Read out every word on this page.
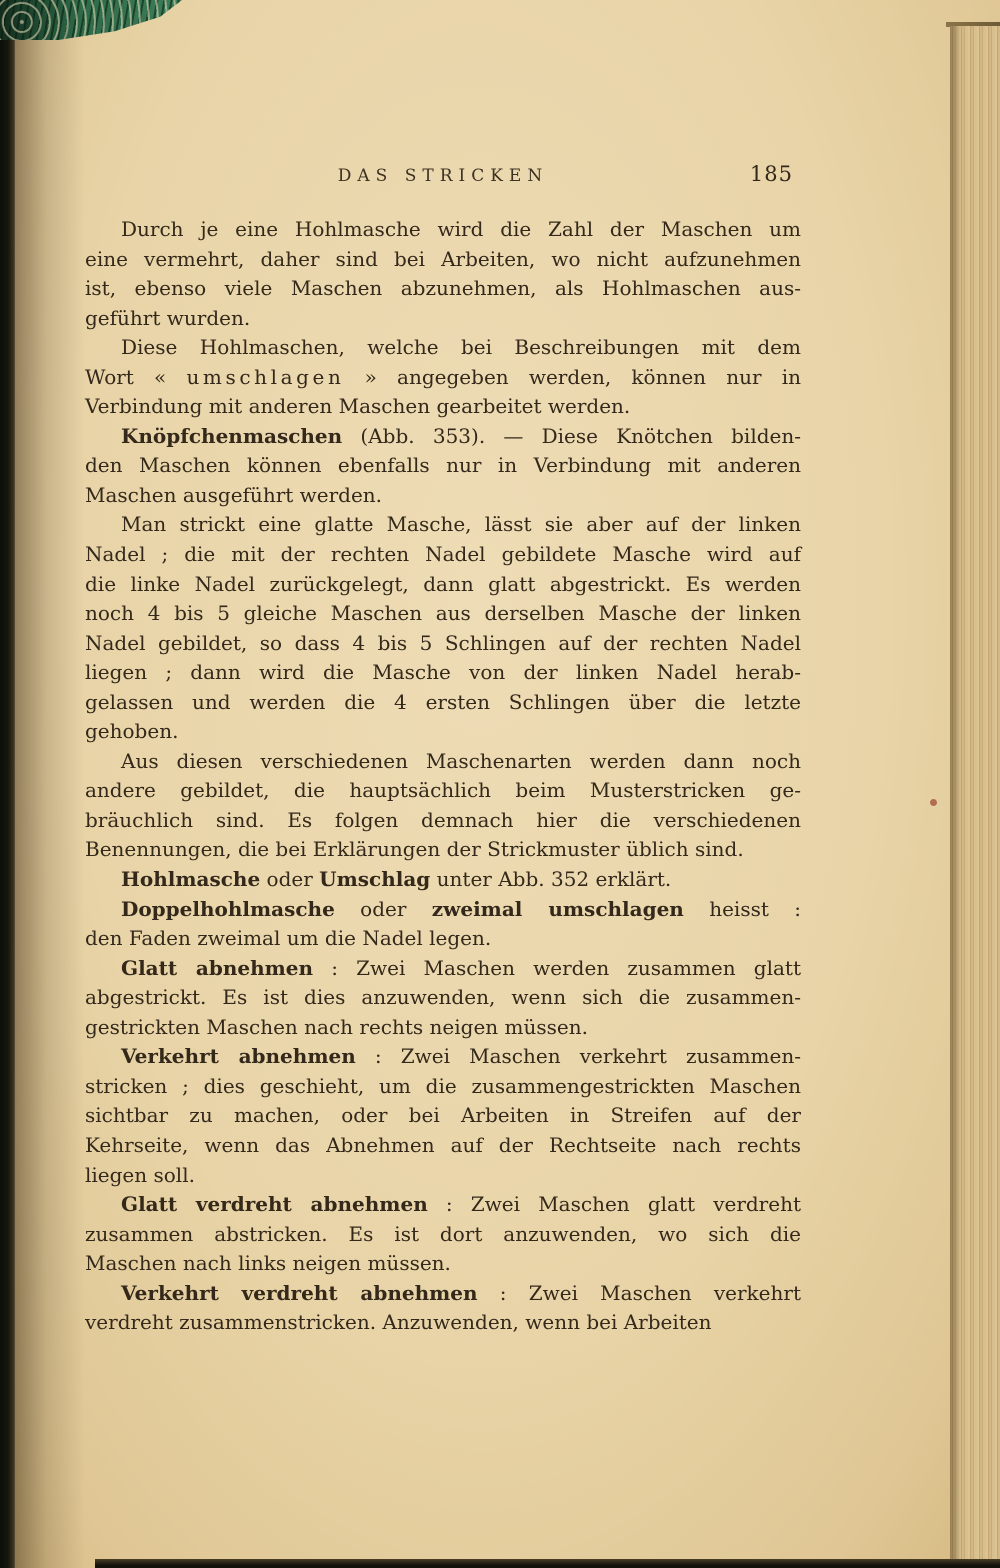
DAS STRICKEN	185
Durch je eine Hohlmasche wird die Zahl der Maschen um
eine vermehrt, daher sind bei Arbeiten, wo nicht aufzunehmen
ist, ebenso viele Maschen abzunehmen, als Hohlmaschen aus-
geführt wurden.
Diese Hohlmaschen, welche bei Beschreibungen mit dem
Wort « umschlagen » angegeben werden, können nur in
Verbindung mit anderen Maschen gearbeitet werden.
Knöpfchenmaschen (Abb. 353). — Diese Knötchen bilden-
den Maschen können ebenfalls nur in Verbindung mit anderen
Maschen ausgeführt werden.
Man strickt eine glatte Masche, lässt sie aber auf der linken
Nadel ; die mit der rechten Nadel gebildete Masche wird auf
die linke Nadel zurückgelegt, dann glatt abgestrickt. Es werden
noch 4 bis 5 gleiche Maschen aus derselben Masche der linken
Nadel gebildet, so dass 4 bis 5 Schlingen auf der rechten Nadel
liegen ; dann wird die Masche von der linken Nadel herab-
gelassen und werden die 4 ersten Schlingen über die letzte
gehoben.
Aus diesen verschiedenen Maschenarten werden dann noch
andere gebildet, die hauptsächlich beim Musterstricken ge-
bräuchlich sind. Es folgen demnach hier die verschiedenen
Benennungen, die bei Erklärungen der Strickmuster üblich sind.
Hohlmasche oder Umschlag unter Abb. 352 erklärt.
Doppelhohlmasche oder zweimal umschlagen heisst :
den Faden zweimal um die Nadel legen.
Glatt abnehmen : Zwei Maschen werden zusammen glatt
abgestrickt. Es ist dies anzuwenden, wenn sich die zusammen-
gestrickten Maschen nach rechts neigen müssen.
Verkehrt abnehmen : Zwei Maschen verkehrt zusammen-
stricken ; dies geschieht, um die zusammengestrickten Maschen
sichtbar zu machen, oder bei Arbeiten in Streifen auf der
Kehrseite, wenn das Abnehmen auf der Rechtseite nach rechts
liegen soll.
Glatt verdreht abnehmen : Zwei Maschen glatt verdreht
zusammen abstricken. Es ist dort anzuwenden, wo sich die
Maschen nach links neigen müssen.
Verkehrt verdreht abnehmen : Zwei Maschen verkehrt
verdreht zusammenstricken. Anzuwenden, wenn bei Arbeiten
